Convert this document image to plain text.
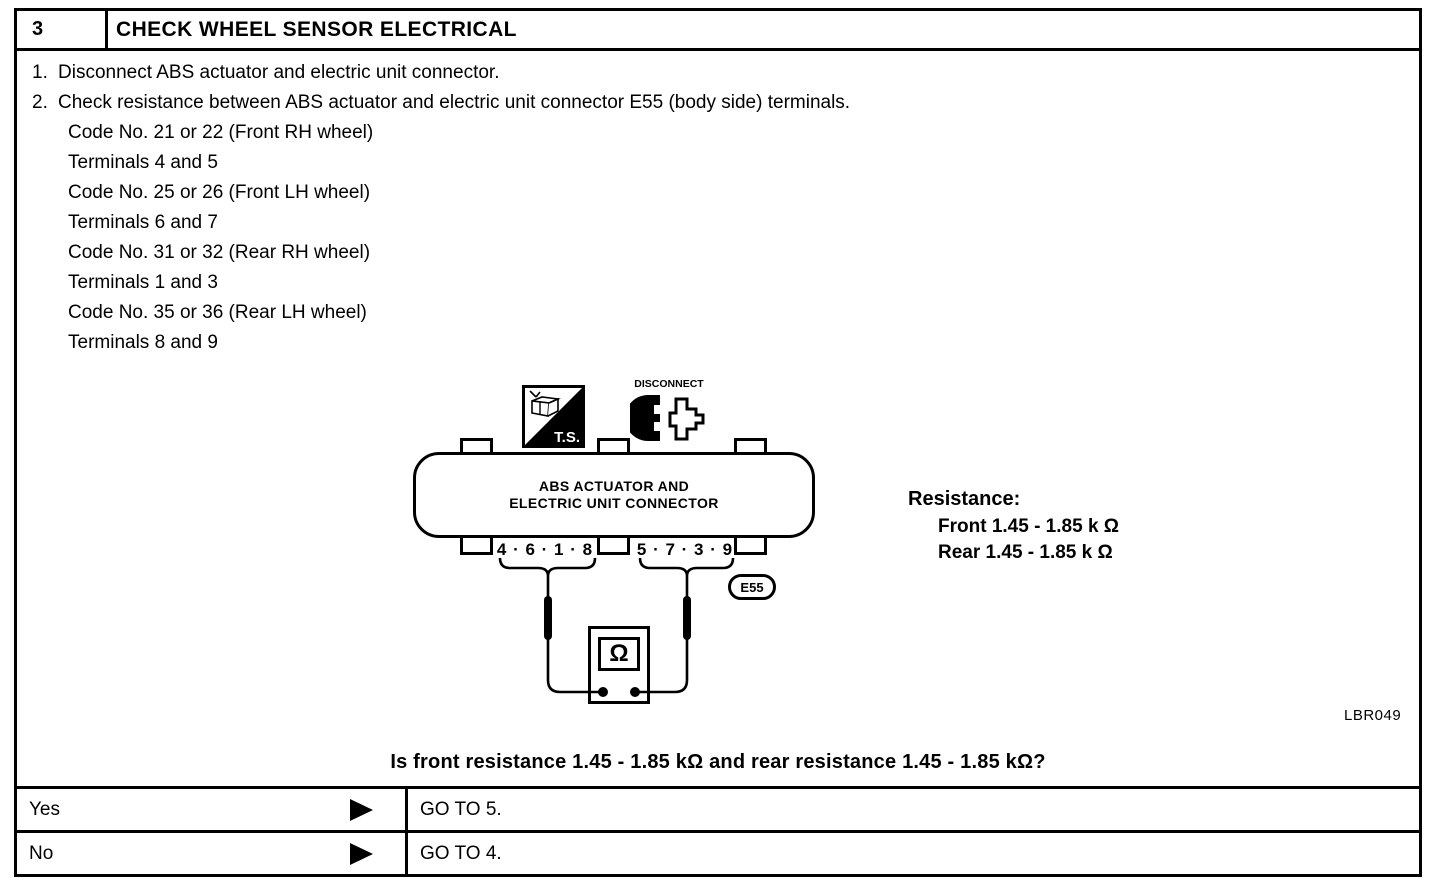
3	CHECK WHEEL SENSOR ELECTRICAL
1. Disconnect ABS actuator and electric unit connector.
2. Check resistance between ABS actuator and electric unit connector E55 (body side) terminals.
Code No. 21 or 22 (Front RH wheel)
Terminals 4 and 5
Code No. 25 or 26 (Front LH wheel)
Terminals 6 and 7
Code No. 31 or 32 (Rear RH wheel)
Terminals 1 and 3
Code No. 35 or 36 (Rear LH wheel)
Terminals 8 and 9
T.S.
DISCONNECT
ABS ACTUATOR AND
ELECTRIC UNIT CONNECTOR
4 · 6 · 1 · 8	5 · 7 · 3 · 9
Ω
E55
Resistance:
Front 1.45 - 1.85 k Ω
Rear 1.45 - 1.85 k Ω
LBR049
Is front resistance 1.45 - 1.85 kΩ and rear resistance 1.45 - 1.85 kΩ?
Yes	GO TO 5.
No	GO TO 4.
